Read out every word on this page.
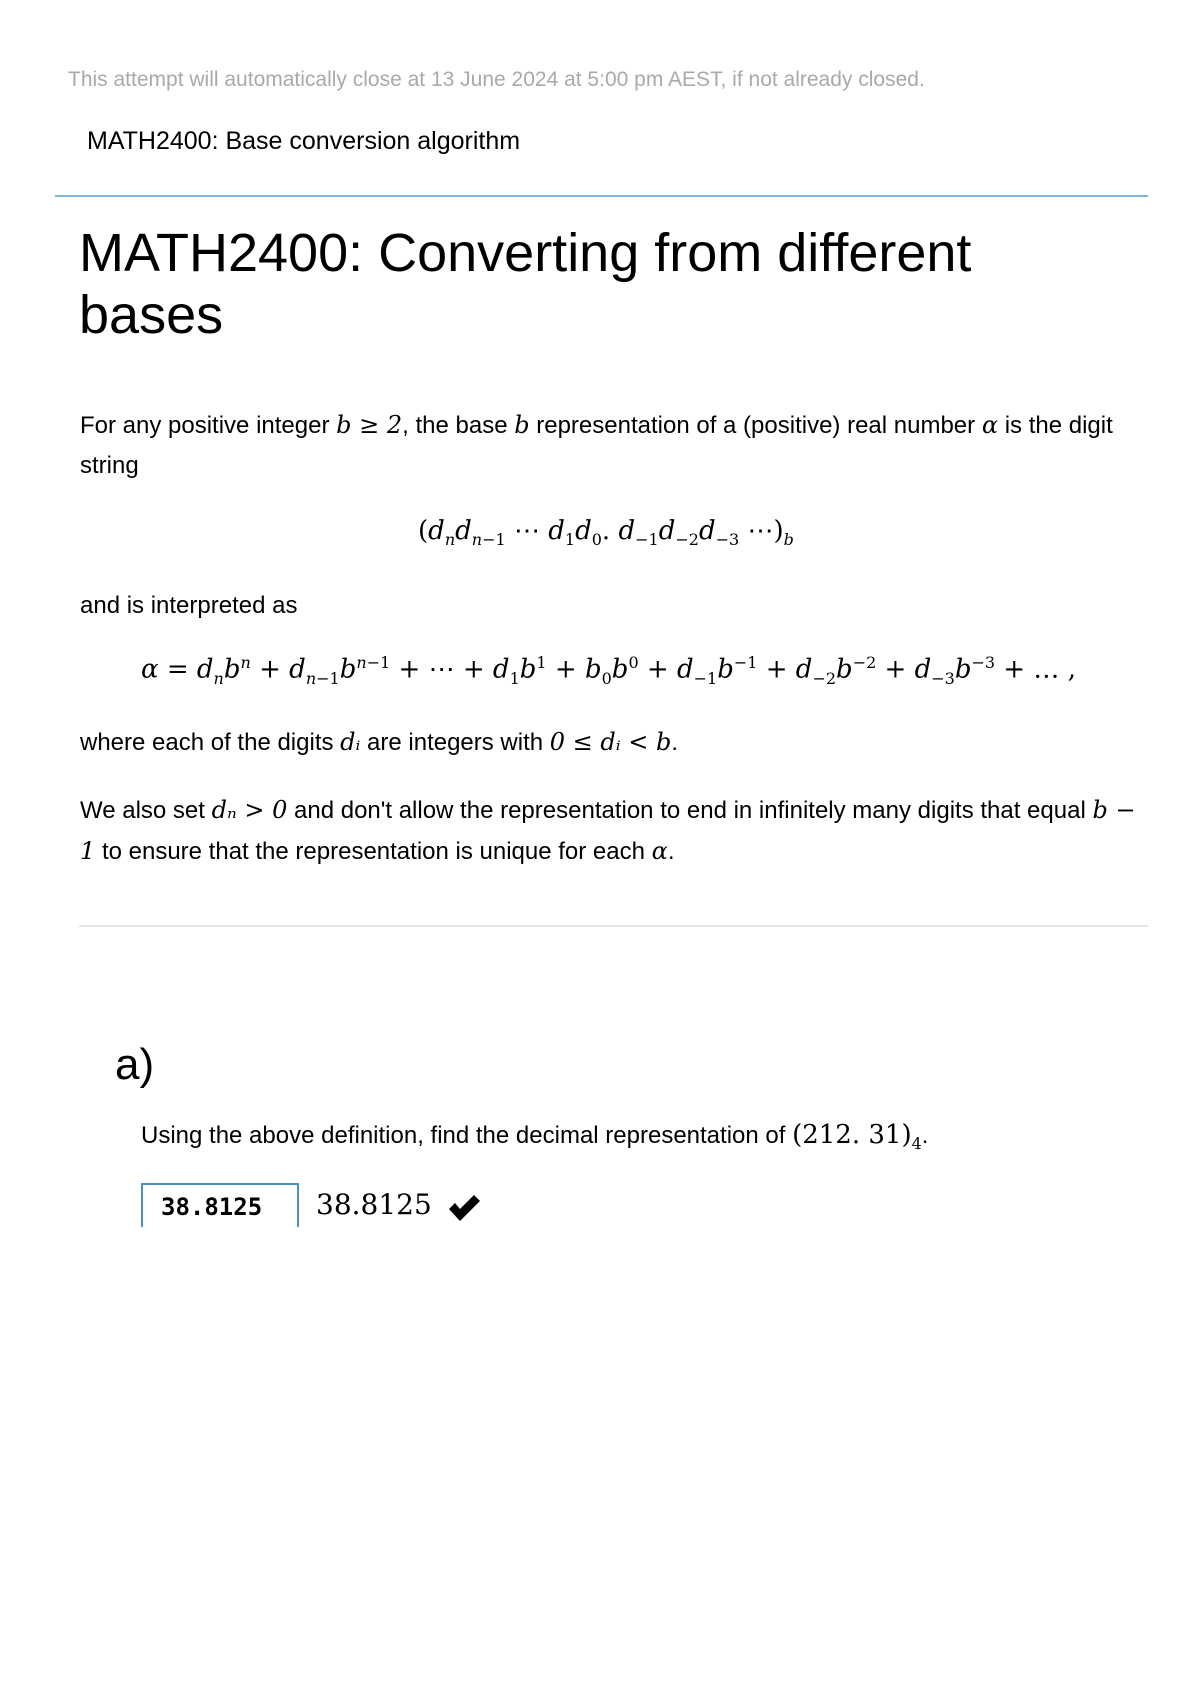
This attempt will automatically close at 13 June 2024 at 5:00 pm AEST, if not already closed.
MATH2400: Base conversion algorithm
MATH2400: Converting from different bases

For any positive integer b ≥ 2, the base b representation of a (positive) real number α is the digit string

($d_nd_{n-1}$ ⋯ $d_1d_0$. $d_{-1}d_{-2}d_{-3}$ $\cdots)_b$

and is interpreted as

$\alpha = d_nb^n + d_{n-1}b^{n-1}$ + ⋯ + $d_1b^1 + b_0b^0 + d_{-1}b^{-1} + d_{-2}b^{-2} + d_{-3}b^{-3}$ + … ,

where each of the digits dᵢ are integers with 0 ≤ dᵢ < b.

We also set dₙ > 0 and don't allow the representation to end in infinitely many digits that equal b − 1 to ensure that the representation is unique for each α.

a)
Using the above definition, find the decimal representation of (212. $31)_4$.
38.8125	38.8125
